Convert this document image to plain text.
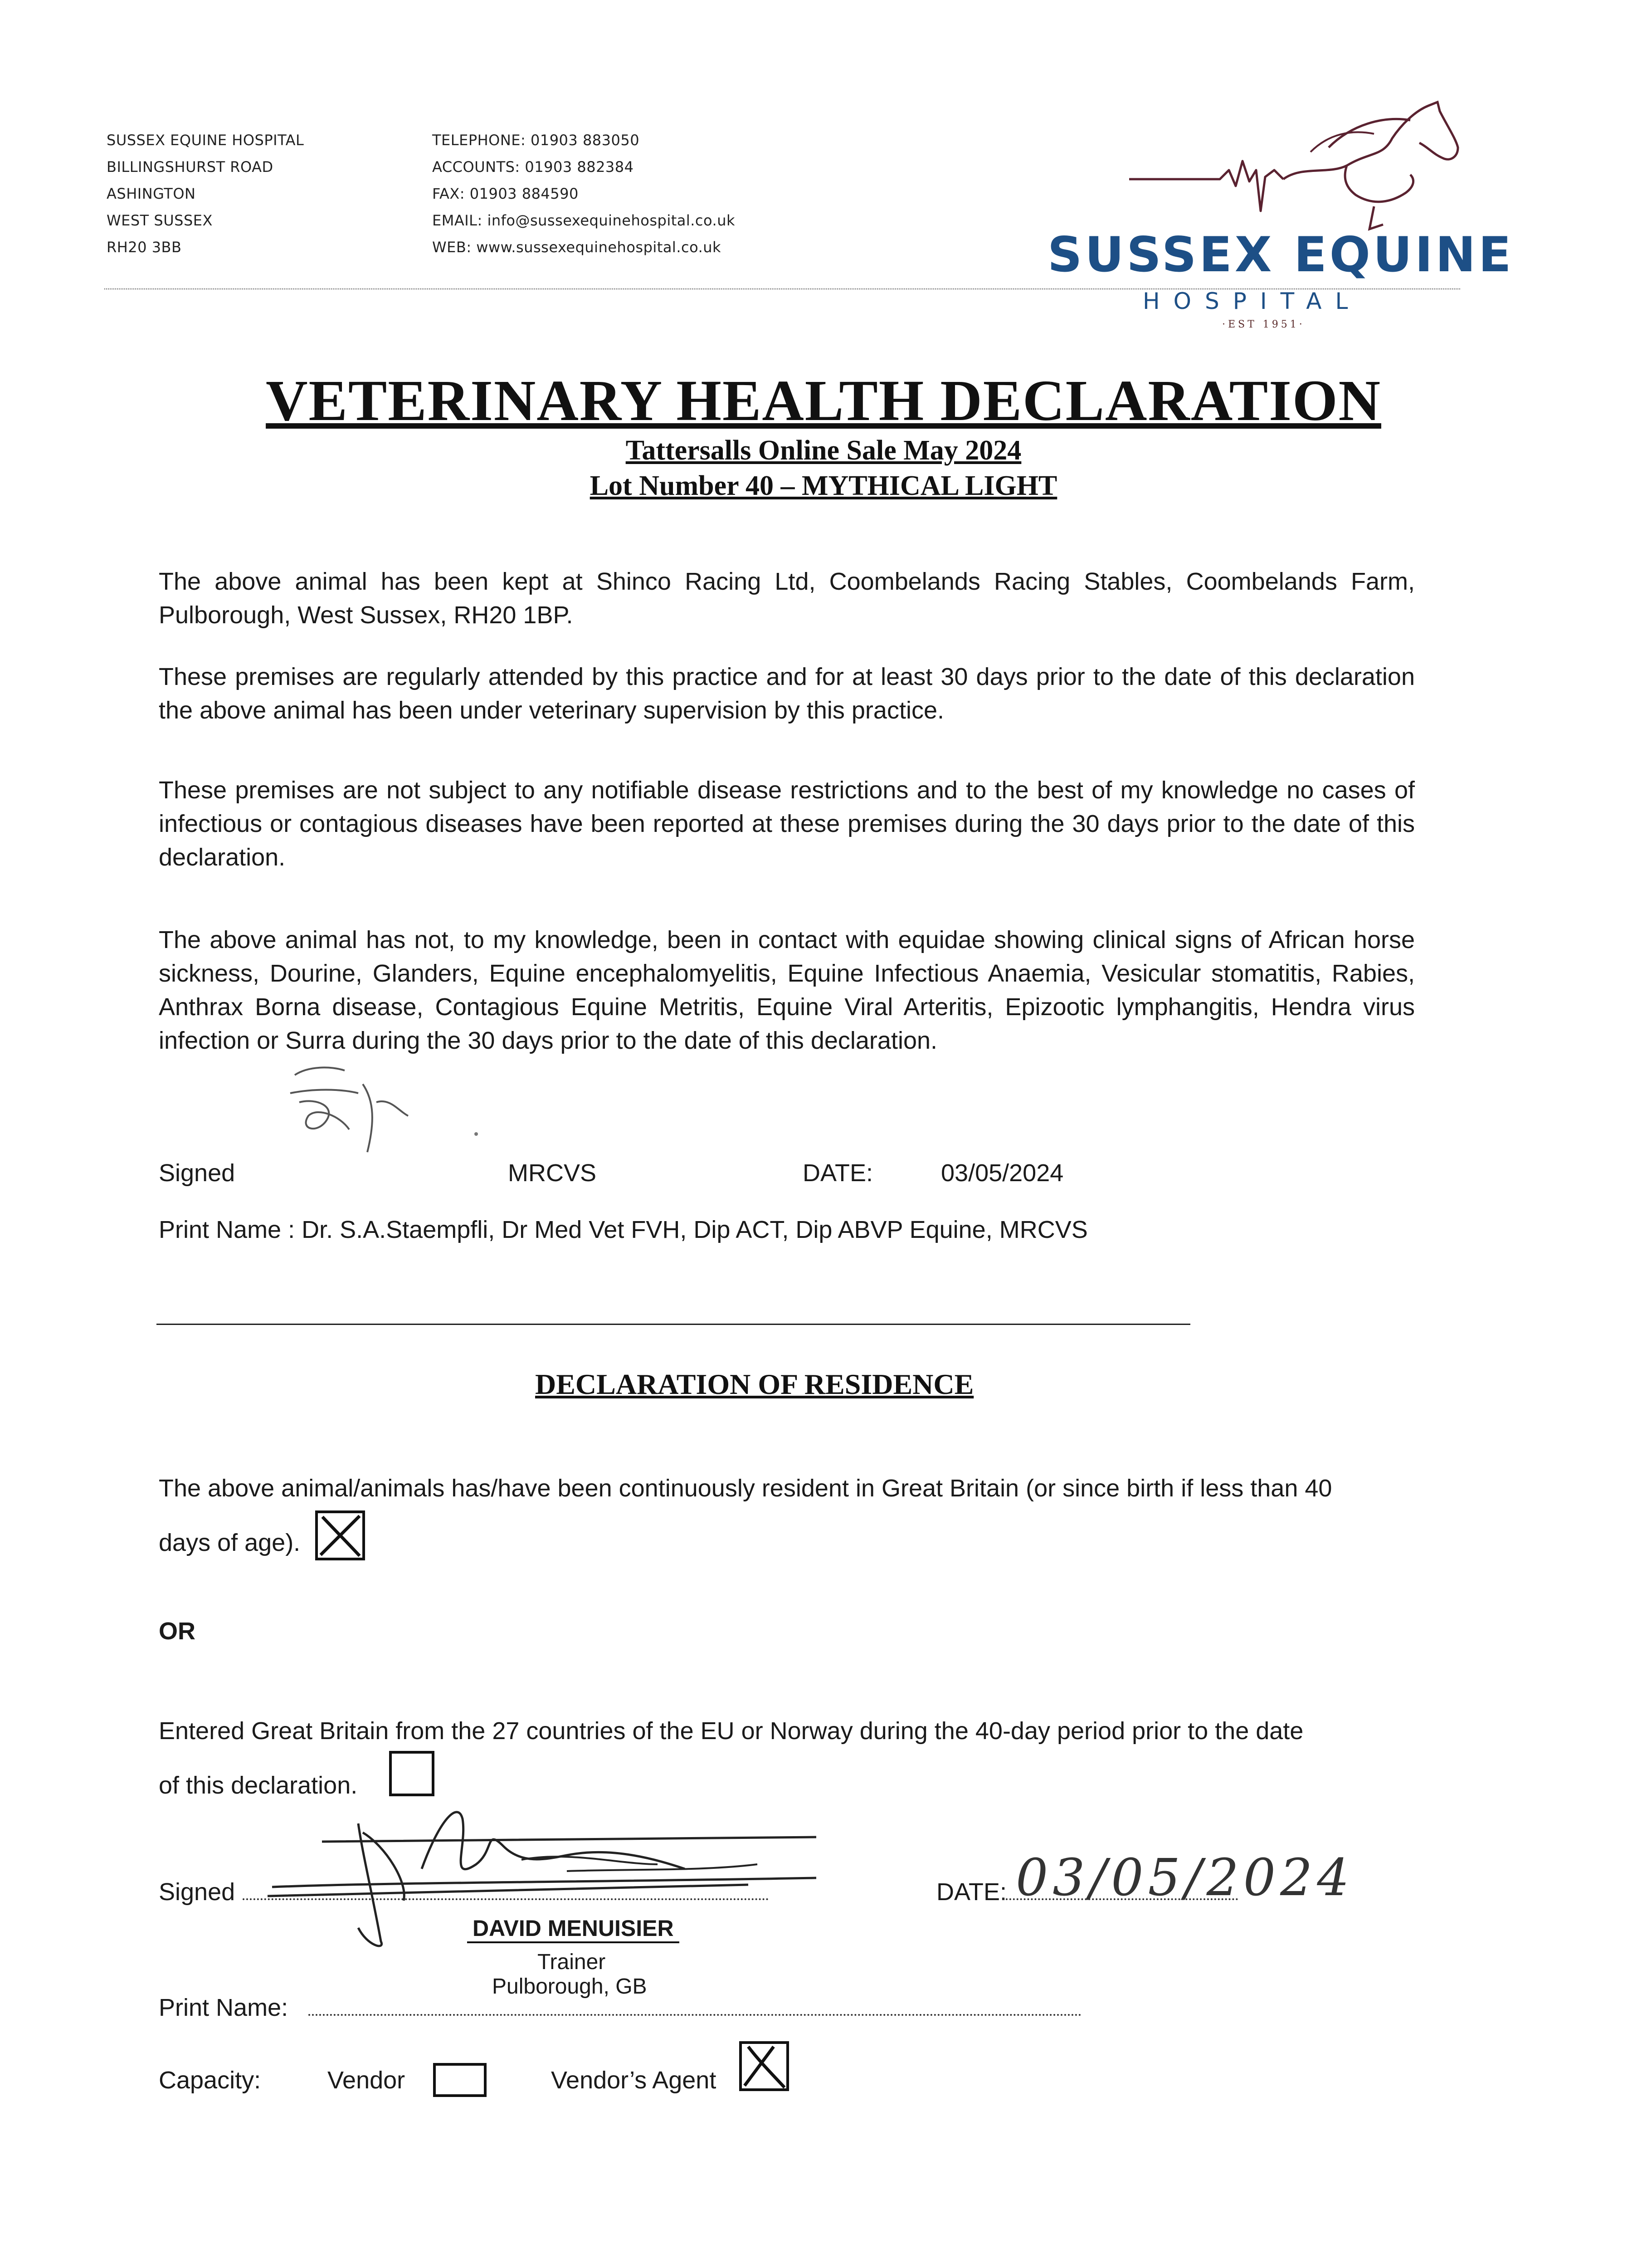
SUSSEX EQUINE HOSPITAL
BILLINGSHURST ROAD
ASHINGTON
WEST SUSSEX
RH20 3BB
TELEPHONE: 01903 883050
ACCOUNTS: 01903 882384
FAX: 01903 884590
EMAIL: info@sussexequinehospital.co.uk
WEB: www.sussexequinehospital.co.uk	SUSSEX EQUINE
HOSPITAL
·EST 1951·
VETERINARY HEALTH DECLARATION
Tattersalls Online Sale May 2024
Lot Number 40 – MYTHICAL LIGHT
The above animal has been kept at Shinco Racing Ltd, Coombelands Racing Stables, Coombelands Farm, Pulborough, West Sussex, RH20 1BP.
These premises are regularly attended by this practice and for at least 30 days prior to the date of this declaration the above animal has been under veterinary supervision by this practice.
These premises are not subject to any notifiable disease restrictions and to the best of my knowledge no cases of infectious or contagious diseases have been reported at these premises during the 30 days prior to the date of this declaration.
The above animal has not, to my knowledge, been in contact with equidae showing clinical signs of African horse sickness, Dourine, Glanders, Equine encephalomyelitis, Equine Infectious Anaemia, Vesicular stomatitis, Rabies, Anthrax Borna disease, Contagious Equine Metritis, Equine Viral Arteritis, Epizootic lymphangitis, Hendra virus infection or Surra during the 30 days prior to the date of this declaration.
Signed	MRCVS	DATE:	03/05/2024
Print Name : Dr. S.A.Staempfli, Dr Med Vet FVH, Dip ACT, Dip ABVP Equine, MRCVS
DECLARATION OF RESIDENCE
The above animal/animals has/have been continuously resident in Great Britain (or since birth if less than 40
days of age).
OR
Entered Great Britain from the 27 countries of the EU or Norway during the 40-day period prior to the date
of this declaration.
Signed
DAVID MENUISIER
Trainer
Pulborough, GB
DATE: 03/05/2024
Print Name:
Capacity:	Vendor	Vendor’s Agent
